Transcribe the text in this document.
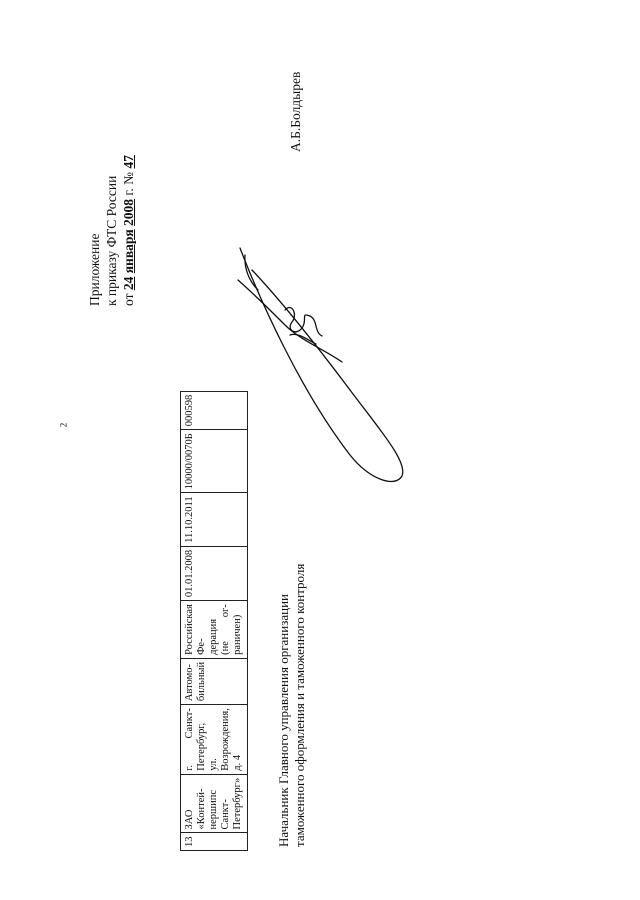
2
Приложение к приказу ФТС России от 24 января 2008 г. № 47
13	ЗАО «Контей-нершипс Санкт-Петербург»	г. Санкт-Петербург, ул. Возрождения, д. 4	Автомо-бильный	Российская Фе-дерация (не ог-раничен)	01.01.2008	11.10.2011	10000/0070Б	000598
Начальник Главного управления организации таможенного оформления и таможенного контроля
А.Б.Болдырев
